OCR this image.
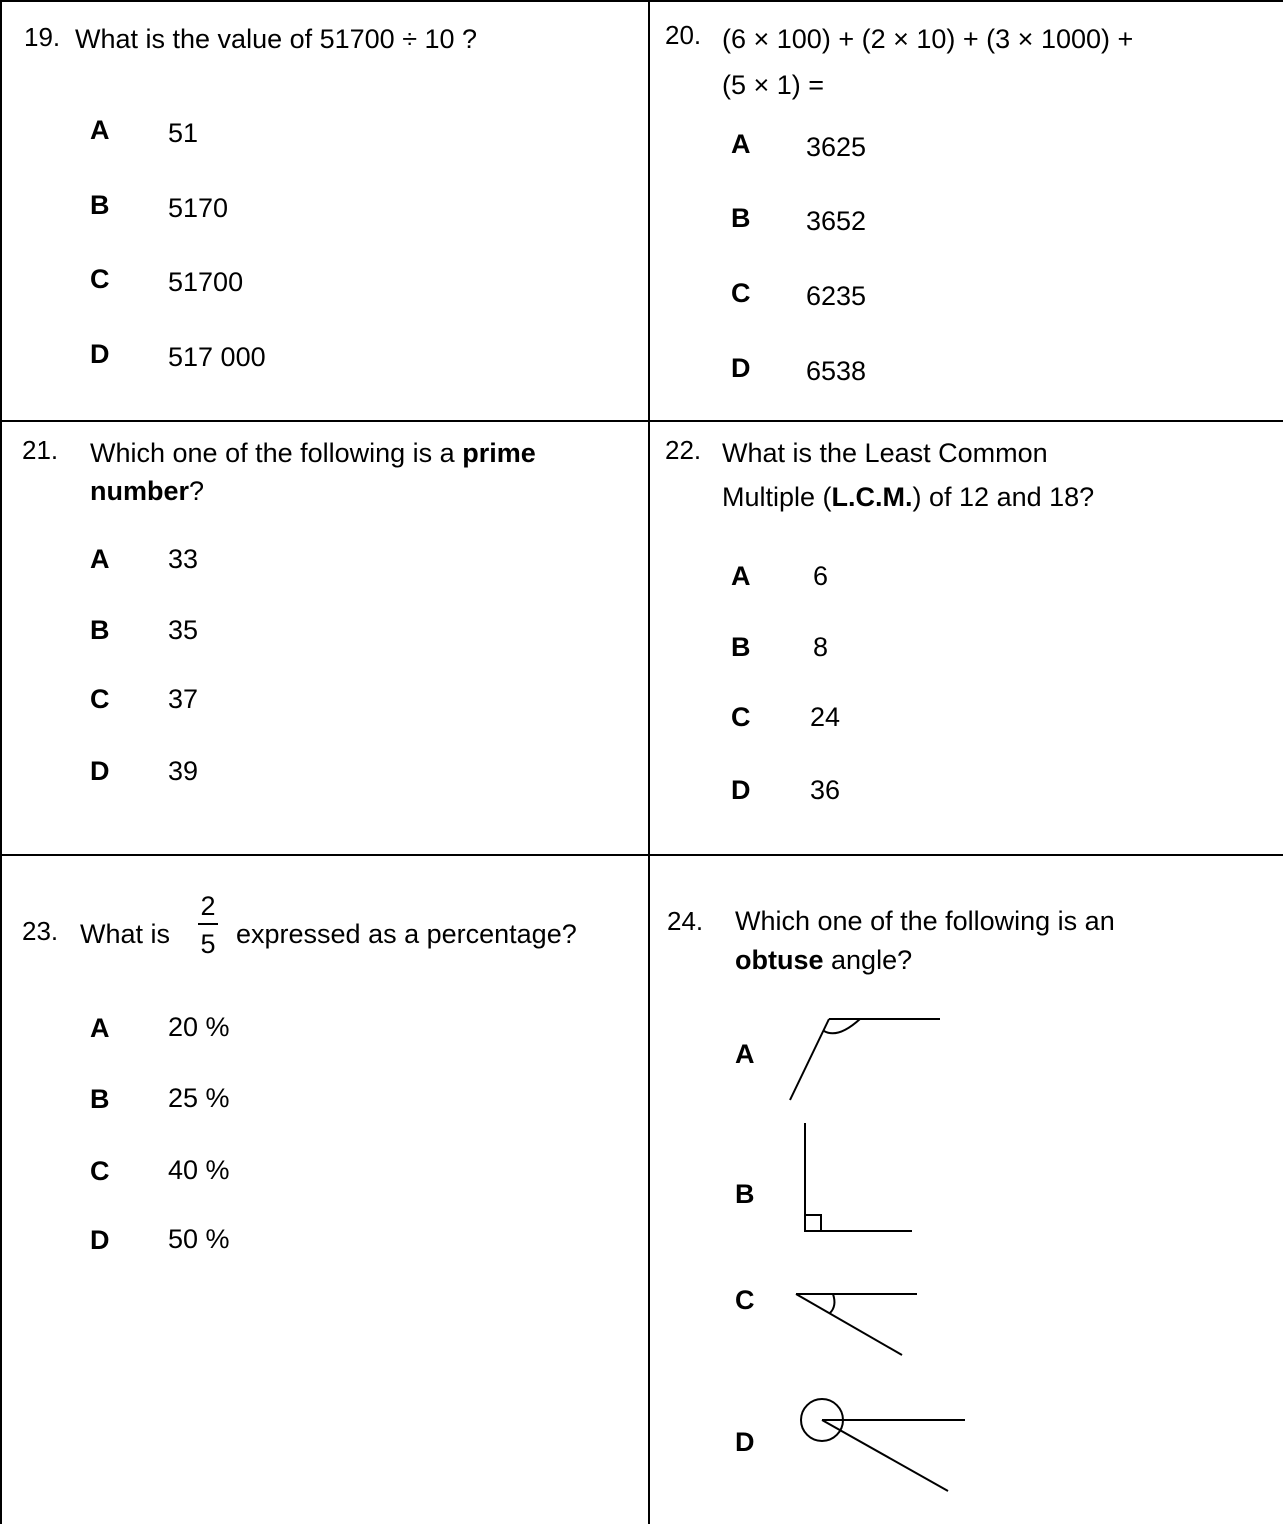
19. What is the value of 51700 ÷ 10 ?
A 51
B 5170
C 51700
D 517 000
20. (6 × 100) + (2 × 10) + (3 × 1000) +
(5 × 1) =
A 3625
B 3652
C 6235
D 6538
21. Which one of the following is a prime
number?
A 33
B 35
C 37
D 39
22. What is the Least Common
Multiple (L.C.M.) of 12 and 18?
A 6
B 8
C 24
D 36
23. What is
2
5 expressed as a percentage?
A 20 %
B 25 %
C 40 %
D 50 %
24. Which one of the following is an
obtuse angle?
A
B
C
D
